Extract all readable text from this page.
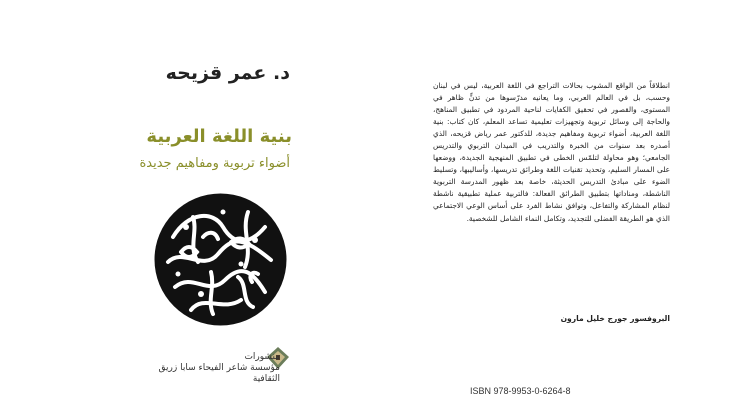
د. عمر قزيحه
بنية اللغة العربية
أضواء تربوية ومفاهيم جديدة
منشورات
مؤسسة شاعر الفيحاء سابا زريق الثقافية

انطلاقاً من الواقع المشوب بحالات التراجع في اللغة العربية، ليس في لبنان وحسب، بل في العالم العربي، وما يعانيه مدرّسوها من تدنٍّ ظاهر في المستوى، والقصور في تحقيق الكفايات لناحية المردود في تطبيق المناهج، والحاجة إلى وسائل تربوية وتجهيزات تعليمية تساعد المعلم، كان كتاب: بنية اللغة العربية، أضواء تربوية ومفاهيم جديدة، للدكتور عمر رياض قزيحه، الذي أصدره بعد سنوات من الخبرة والتدريب في الميدان التربوي والتدريس الجامعي؛ وهو محاولة لتلمّس الخطى في تطبيق المنهجية الجديدة، ووضعها على المسار السليم، وتحديد تقنيات اللغة وطرائق تدريسها، وأساليبها، وتسليط الضوء على مبادئ التدريس الحديثة، خاصة بعد ظهور المدرسة التربوية الناشطة، ومناداتها بتطبيق الطرائق الفعالة: فالتربية عملية تطبيقية ناشطة لنظام المشاركة والتفاعل، وتوافق نشاط الفرد على أساس الوعي الاجتماعي الذي هو الطريقة الفضلى للتجديد، وتكامل النماء الشامل للشخصية.

البروفسور جورج خليل مارون
ISBN 978-9953-0-6264-8
